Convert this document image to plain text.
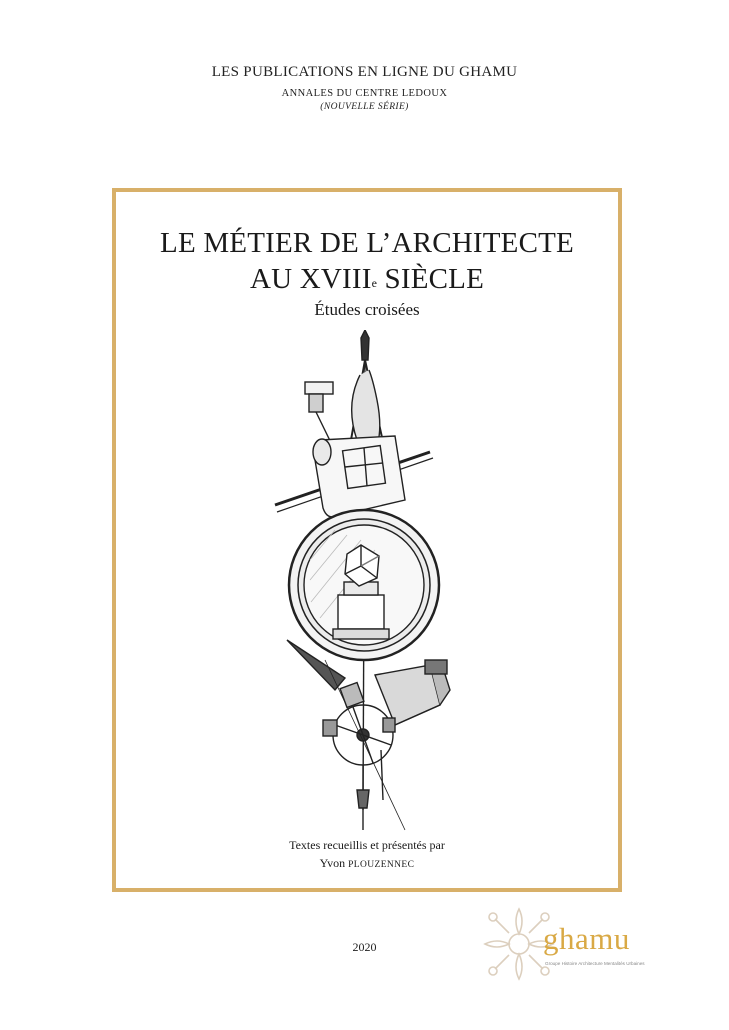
LES PUBLICATIONS EN LIGNE DU GHAMU
ANNALES DU CENTRE LEDOUX
(NOUVELLE SÉRIE)
LE MÉTIER DE L’ARCHITECTE
AU XVIIIe SIÈCLE
Études croisées
Textes recueillis et présentés par
Yvon PLOUZENNEC
2020	ghamu
Groupe Histoire Architecture Mentalités Urbaines
